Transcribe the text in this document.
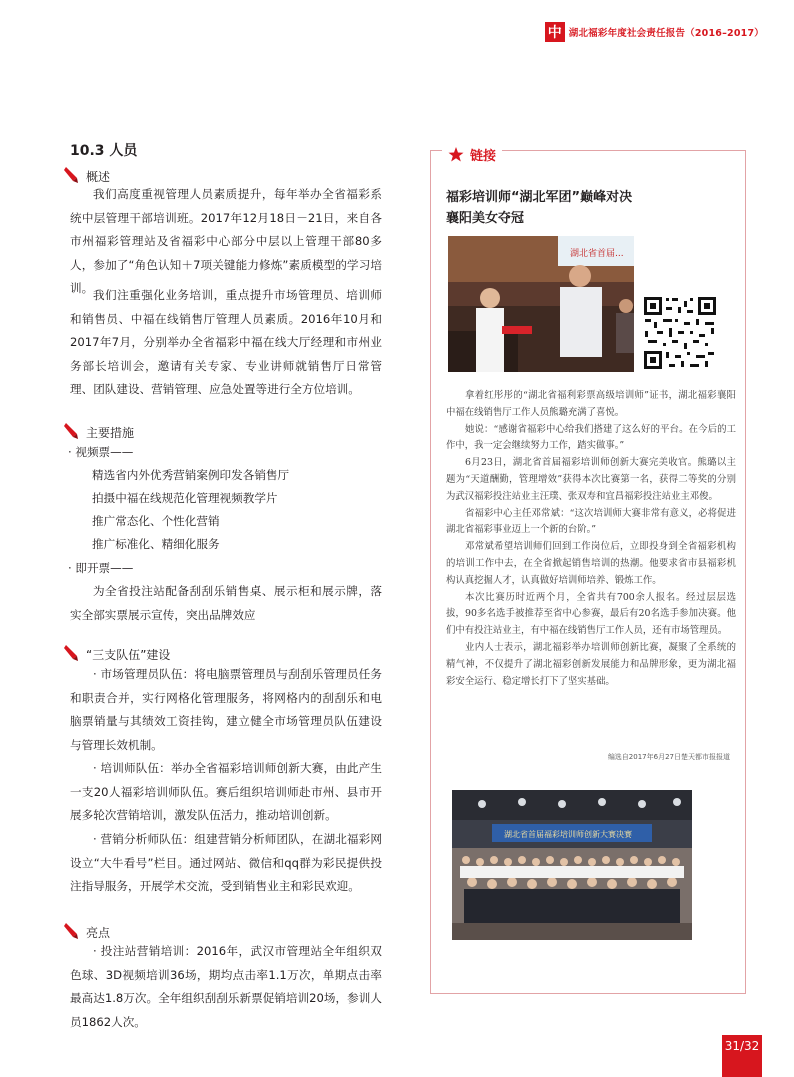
中 湖北福彩年度社会责任报告（2016–2017）
10.3 人员
概述

我们高度重视管理人员素质提升，每年举办全省福彩系统中层管理干部培训班。2017年12月18日－21日，来自各市州福彩管理站及省福彩中心部分中层以上管理干部80多人，参加了“角色认知＋7项关键能力修炼”素质模型的学习培训。 我们注重强化业务培训，重点提升市场管理员、培训师和销售员、中福在线销售厅管理人员素质。2016年10月和2017年7月，分别举办全省福彩中福在线大厅经理和市州业务部长培训会，邀请有关专家、专业讲师就销售厅日常管理、团队建设、营销管理、应急处置等进行全方位培训。

主要措施
· 视频票——
精选省内外优秀营销案例印发各销售厅
拍摄中福在线规范化管理视频教学片
推广常态化、个性化营销
推广标准化、精细化服务
· 即开票——

为全省投注站配备刮刮乐销售桌、展示柜和展示牌，落实全部实票展示宣传，突出品牌效应

“三支队伍”建设

· 市场管理员队伍：将电脑票管理员与刮刮乐管理员任务和职责合并，实行网格化管理服务，将网格内的刮刮乐和电脑票销量与其绩效工资挂钩，建立健全市场管理员队伍建设与管理长效机制。

· 培训师队伍：举办全省福彩培训师创新大赛，由此产生一支20人福彩培训师队伍。赛后组织培训师赴市州、县市开展多轮次营销培训，激发队伍活力，推动培训创新。

· 营销分析师队伍：组建营销分析师团队，在湖北福彩网设立“大牛看号”栏目。通过网站、微信和qq群为彩民提供投注指导服务，开展学术交流，受到销售业主和彩民欢迎。

亮点

· 投注站营销培训：2016年，武汉市管理站全年组织双色球、3D视频培训36场，期均点击率1.1万次，单期点击率最高达1.8万次。全年组织刮刮乐新票促销培训20场，参训人员1862人次。

链接
福彩培训师“湖北军团”巅峰对决
襄阳美女夺冠
湖北省首届...

拿着红彤彤的“湖北省福利彩票高级培训师”证书，湖北福彩襄阳中福在线销售厅工作人员熊璐充满了喜悦。

她说：“感谢省福彩中心给我们搭建了这么好的平台。在今后的工作中，我一定会继续努力工作，踏实做事。”

6月23日，湖北省首届福彩培训师创新大赛完美收官。熊璐以主题为“天道酬勤，管理增效”获得本次比赛第一名，获得二等奖的分别为武汉福彩投注站业主汪璞、张双寿和宜昌福彩投注站业主邓俊。

省福彩中心主任邓常斌：“这次培训师大赛非常有意义，必将促进湖北省福彩事业迈上一个新的台阶。”

邓常斌希望培训师们回到工作岗位后，立即投身到全省福彩机构的培训工作中去，在全省掀起销售培训的热潮。他要求省市县福彩机构认真挖掘人才，认真做好培训师培养、锻炼工作。

本次比赛历时近两个月，全省共有700余人报名。经过层层选拔，90多名选手被推荐至省中心参赛，最后有20名选手参加决赛。他们中有投注站业主，有中福在线销售厅工作人员，还有市场管理员。

业内人士表示，湖北福彩举办培训师创新比赛，凝聚了全系统的精气神，不仅提升了湖北福彩创新发展能力和品牌形象，更为湖北福彩安全运行、稳定增长打下了坚实基础。

编选自2017年6月27日楚天都市报报道
湖北省首届福彩培训师创新大赛决赛
31/32
